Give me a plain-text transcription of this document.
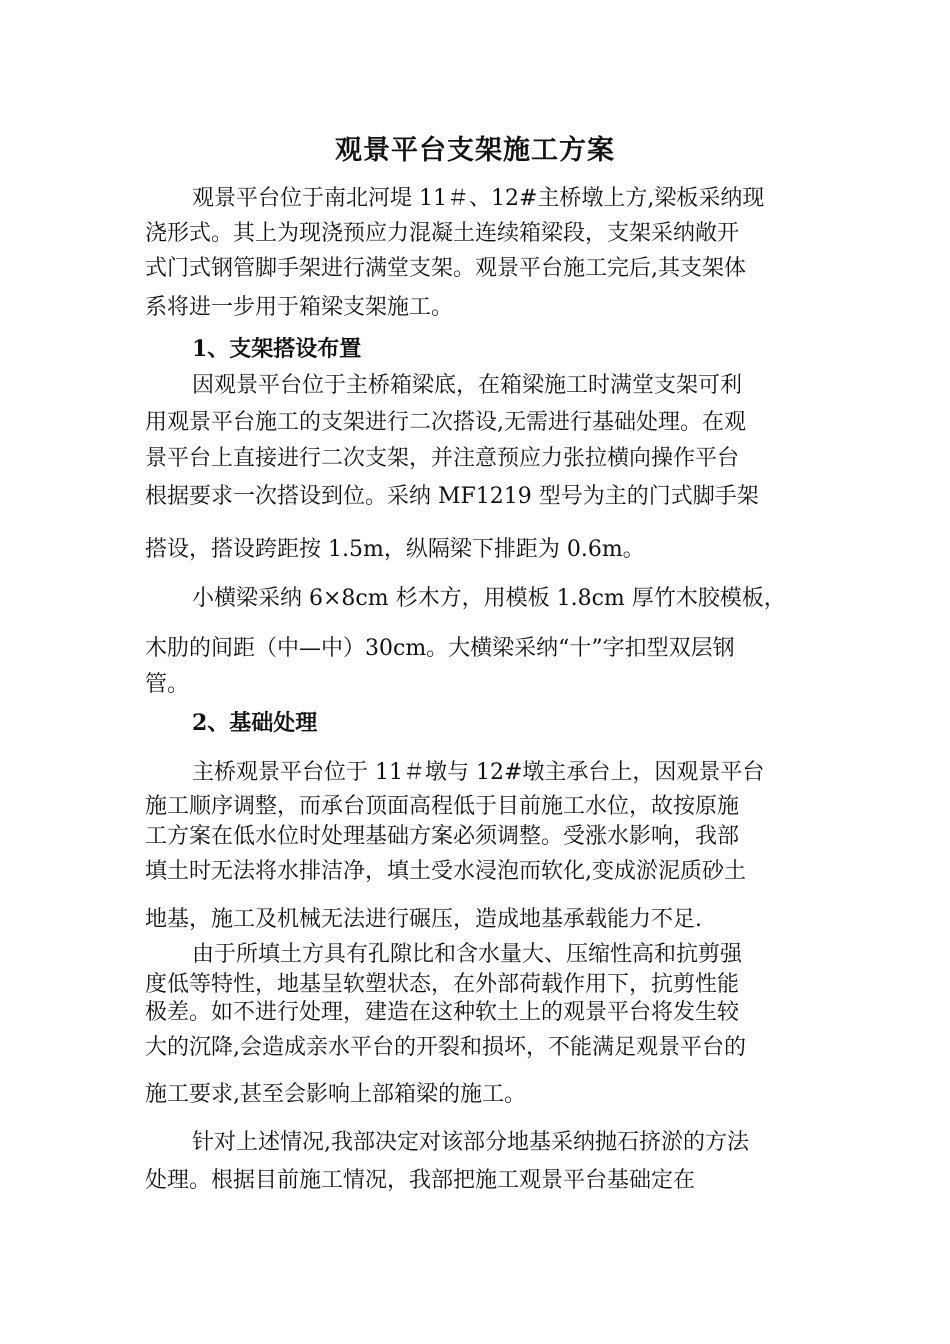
观景平台支架施工方案
观景平台位于南北河堤 11＃、12#主桥墩上方,梁板采纳现
浇形式。其上为现浇预应力混凝土连续箱梁段，支架采纳敞开
式门式钢管脚手架进行满堂支架。观景平台施工完后,其支架体
系将进一步用于箱梁支架施工。
1、支架搭设布置
因观景平台位于主桥箱梁底，在箱梁施工时满堂支架可利
用观景平台施工的支架进行二次搭设,无需进行基础处理。在观
景平台上直接进行二次支架，并注意预应力张拉横向操作平台
根据要求一次搭设到位。采纳 MF1219 型号为主的门式脚手架
搭设，搭设跨距按 1.5m，纵隔梁下排距为 0.6m。
小横梁采纳 6×8cm 杉木方，用模板 1.8cm 厚竹木胶模板，
木肋的间距（中—中）30cm。大横梁采纳“十”字扣型双层钢
管。
2、基础处理
主桥观景平台位于 11＃墩与 12#墩主承台上，因观景平台
施工顺序调整，而承台顶面高程低于目前施工水位，故按原施
工方案在低水位时处理基础方案必须调整。受涨水影响，我部
填土时无法将水排洁净，填土受水浸泡而软化,变成淤泥质砂土
地基，施工及机械无法进行碾压，造成地基承载能力不足.
由于所填土方具有孔隙比和含水量大、压缩性高和抗剪强
度低等特性，地基呈软塑状态，在外部荷载作用下，抗剪性能
极差。如不进行处理，建造在这种软土上的观景平台将发生较
大的沉降,会造成亲水平台的开裂和损坏，不能满足观景平台的
施工要求,甚至会影响上部箱梁的施工。
针对上述情况,我部决定对该部分地基采纳抛石挤淤的方法
处理。根据目前施工情况，我部把施工观景平台基础定在
